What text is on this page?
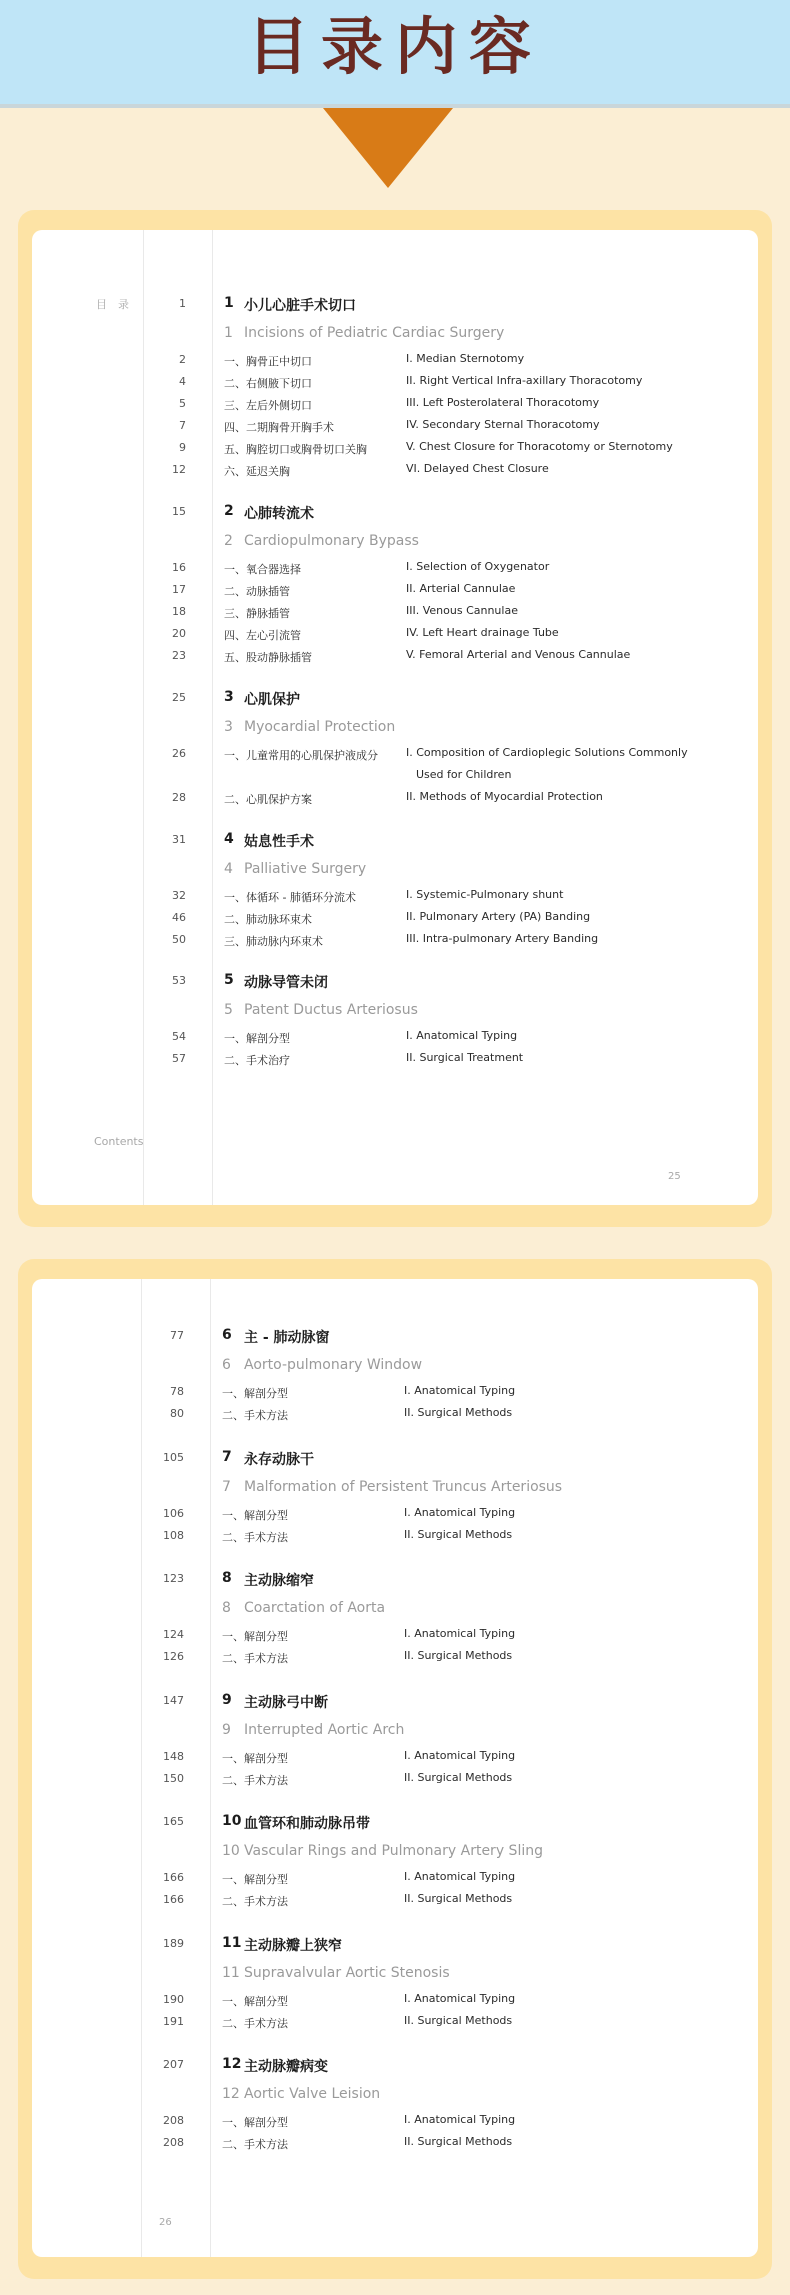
目录内容
目　录
Contents
25
1	1 小儿心脏手术切口
1 Incisions of Pediatric Cardiac Surgery
2	一、胸骨正中切口	I. Median Sternotomy
4	二、右侧腋下切口	II. Right Vertical Infra-axillary Thoracotomy
5	三、左后外侧切口	III. Left Posterolateral Thoracotomy
7	四、二期胸骨开胸手术	IV. Secondary Sternal Thoracotomy
9	五、胸腔切口或胸骨切口关胸	V. Chest Closure for Thoracotomy or Sternotomy
12	六、延迟关胸	VI. Delayed Chest Closure
15	2 心肺转流术
2 Cardiopulmonary Bypass
16	一、氧合器选择	I. Selection of Oxygenator
17	二、动脉插管	II. Arterial Cannulae
18	三、静脉插管	III. Venous Cannulae
20	四、左心引流管	IV. Left Heart drainage Tube
23	五、股动静脉插管	V. Femoral Arterial and Venous Cannulae
25	3 心肌保护
3 Myocardial Protection
26	一、儿童常用的心肌保护液成分	I. Composition of Cardioplegic Solutions Commonly
Used for Children
28	二、心肌保护方案	II. Methods of Myocardial Protection
31	4 姑息性手术
4 Palliative Surgery
32	一、体循环 - 肺循环分流术	I. Systemic-Pulmonary shunt
46	二、肺动脉环束术	II. Pulmonary Artery (PA) Banding
50	三、肺动脉内环束术	III. Intra-pulmonary Artery Banding
53	5 动脉导管未闭
5 Patent Ductus Arteriosus
54	一、解剖分型	I. Anatomical Typing
57	二、手术治疗	II. Surgical Treatment
26
77	6 主 - 肺动脉窗
6 Aorto-pulmonary Window
78	一、解剖分型	I. Anatomical Typing
80	二、手术方法	II. Surgical Methods
105	7 永存动脉干
7 Malformation of Persistent Truncus Arteriosus
106	一、解剖分型	I. Anatomical Typing
108	二、手术方法	II. Surgical Methods
123	8 主动脉缩窄
8 Coarctation of Aorta
124	一、解剖分型	I. Anatomical Typing
126	二、手术方法	II. Surgical Methods
147	9 主动脉弓中断
9 Interrupted Aortic Arch
148	一、解剖分型	I. Anatomical Typing
150	二、手术方法	II. Surgical Methods
165	10 血管环和肺动脉吊带
10 Vascular Rings and Pulmonary Artery Sling
166	一、解剖分型	I. Anatomical Typing
166	二、手术方法	II. Surgical Methods
189	11 主动脉瓣上狭窄
11 Supravalvular Aortic Stenosis
190	一、解剖分型	I. Anatomical Typing
191	二、手术方法	II. Surgical Methods
207	12 主动脉瓣病变
12 Aortic Valve Leision
208	一、解剖分型	I. Anatomical Typing
208	二、手术方法	II. Surgical Methods
